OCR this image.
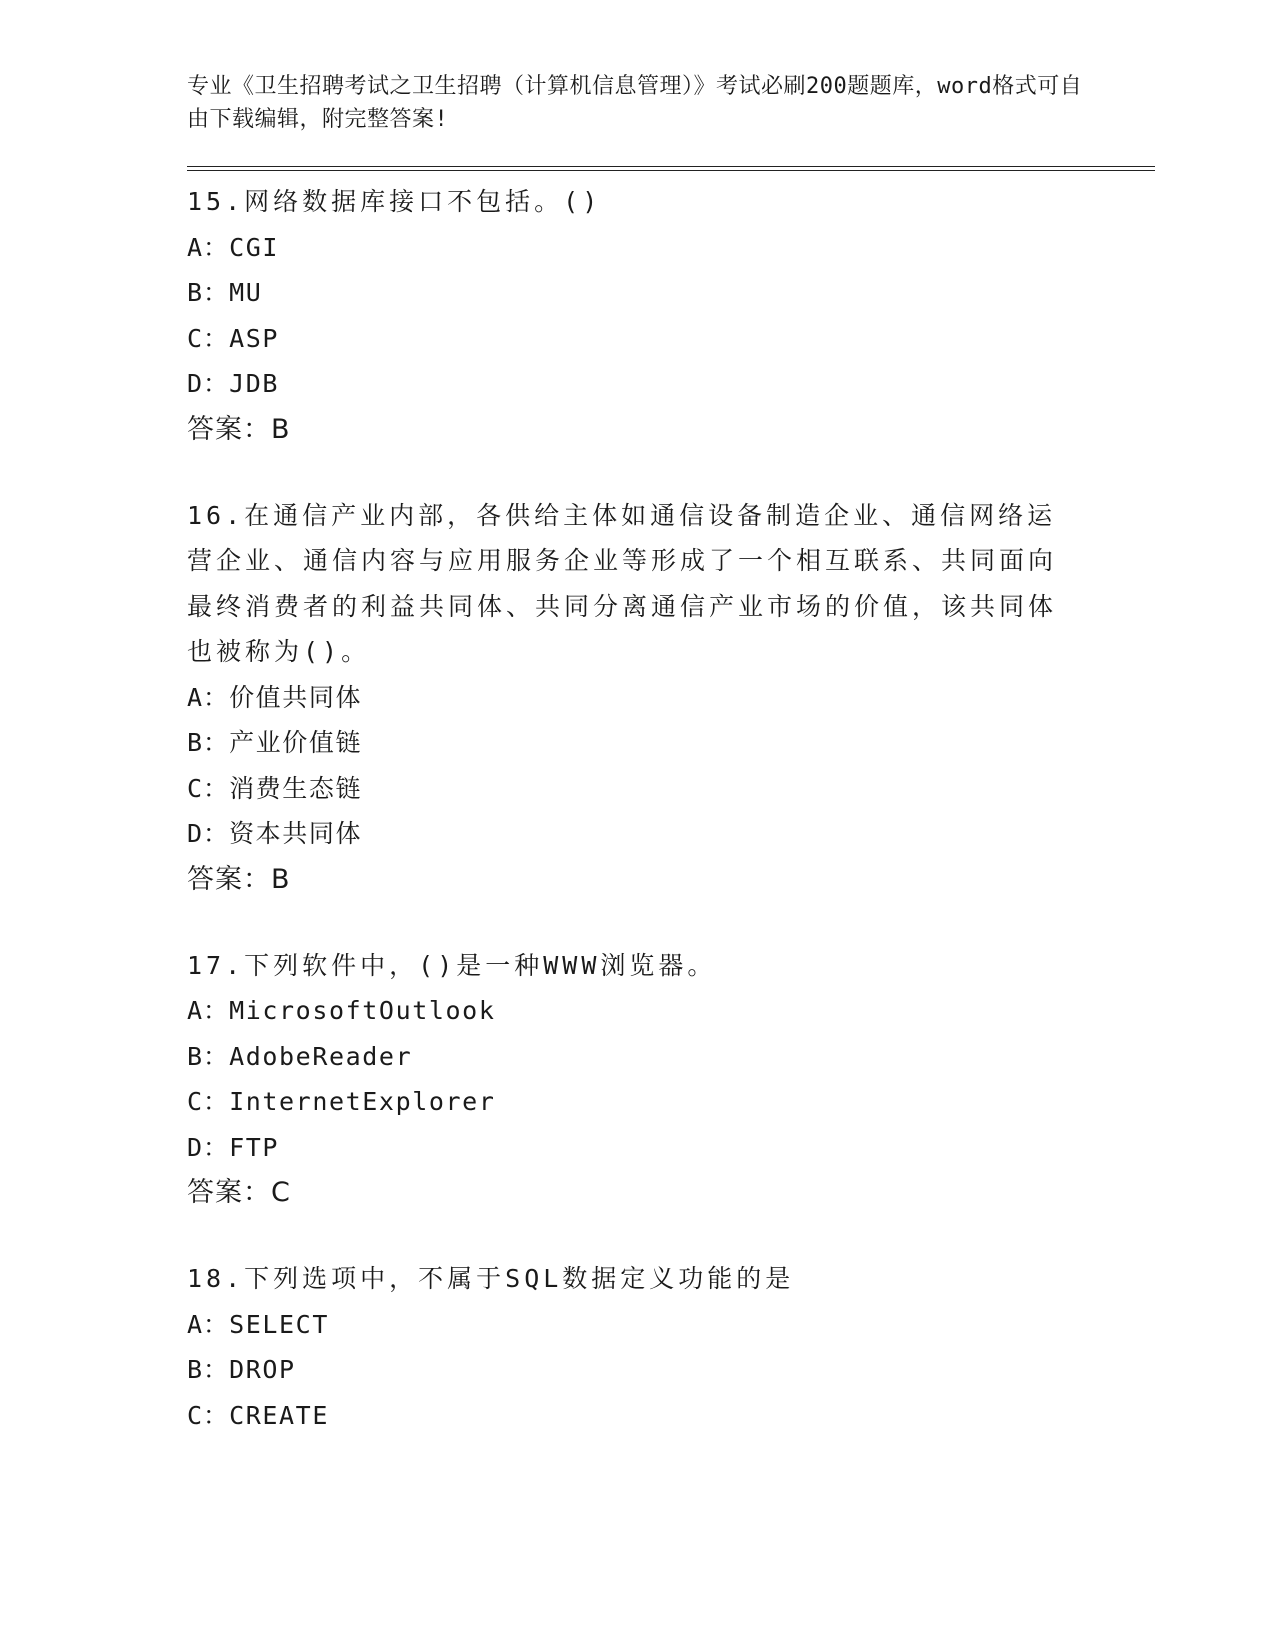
专业《卫生招聘考试之卫生招聘（计算机信息管理）》考试必刷200题题库，word格式可自由下载编辑，附完整答案!

15.网络数据库接口不包括。()

A：CGI

B：MU

C：ASP

D：JDB

答案：B

16.在通信产业内部，各供给主体如通信设备制造企业、通信网络运营企业、通信内容与应用服务企业等形成了一个相互联系、共同面向最终消费者的利益共同体、共同分离通信产业市场的价值，该共同体也被称为()。

A：价值共同体

B：产业价值链

C：消费生态链

D：资本共同体

答案：B

17.下列软件中，()是一种WWW浏览器。

A：MicrosoftOutlook

B：AdobeReader

C：InternetExplorer

D：FTP

答案：C

18.下列选项中，不属于SQL数据定义功能的是

A：SELECT

B：DROP

C：CREATE
